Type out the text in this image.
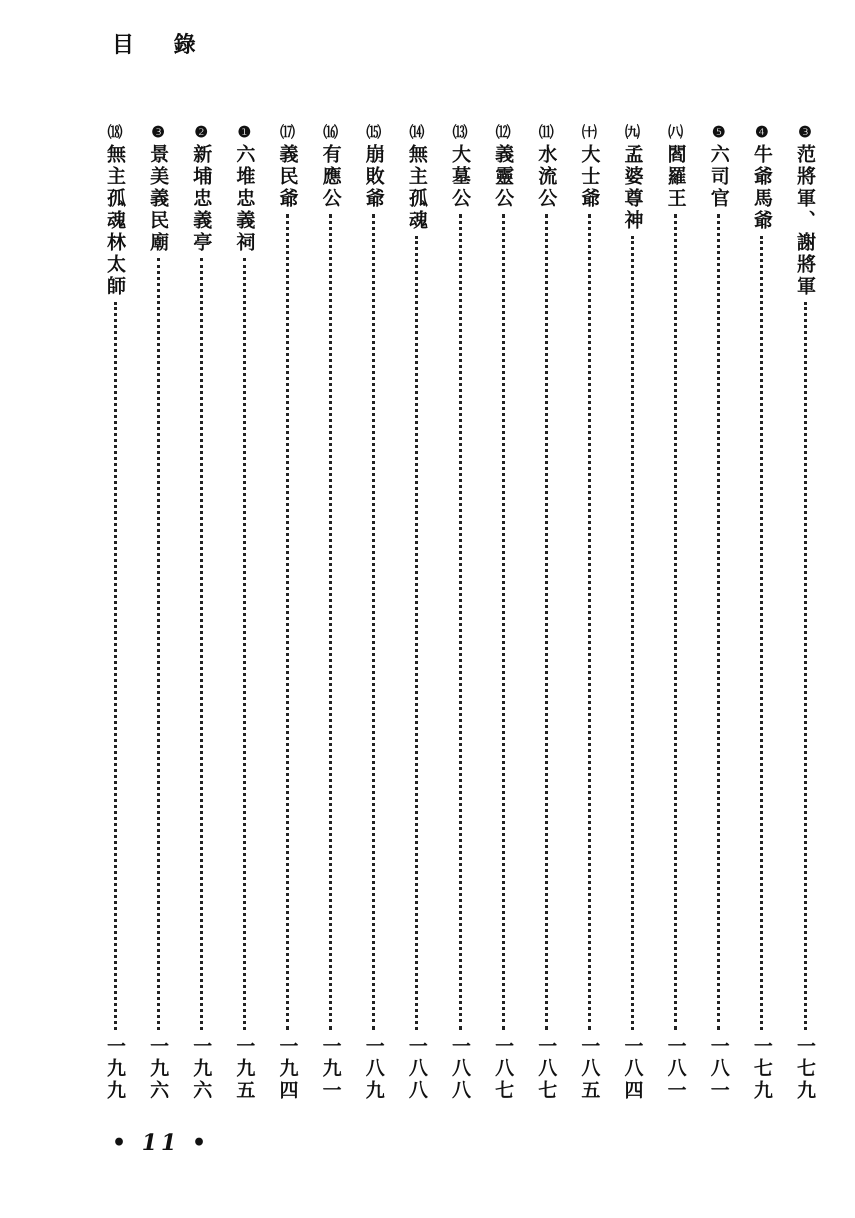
目 錄
❸
范將軍、謝將軍
一七九
❹
牛爺馬爺
一七九
❺
六司官
一八一
㈧
閻羅王
一八一
㈨
孟婆尊神
一八四
㈩
大士爺
一八五
⑾
水流公
一八七
⑿
義靈公
一八七
⒀
大墓公
一八八
⒁
無主孤魂
一八八
⒂
崩敗爺
一八九
⒃
有應公
一九一
⒄
義民爺
一九四
❶
六堆忠義祠
一九五
❷
新埔忠義亭
一九六
❸
景美義民廟
一九六
⒅
無主孤魂林太師
一九九
• 11 •
